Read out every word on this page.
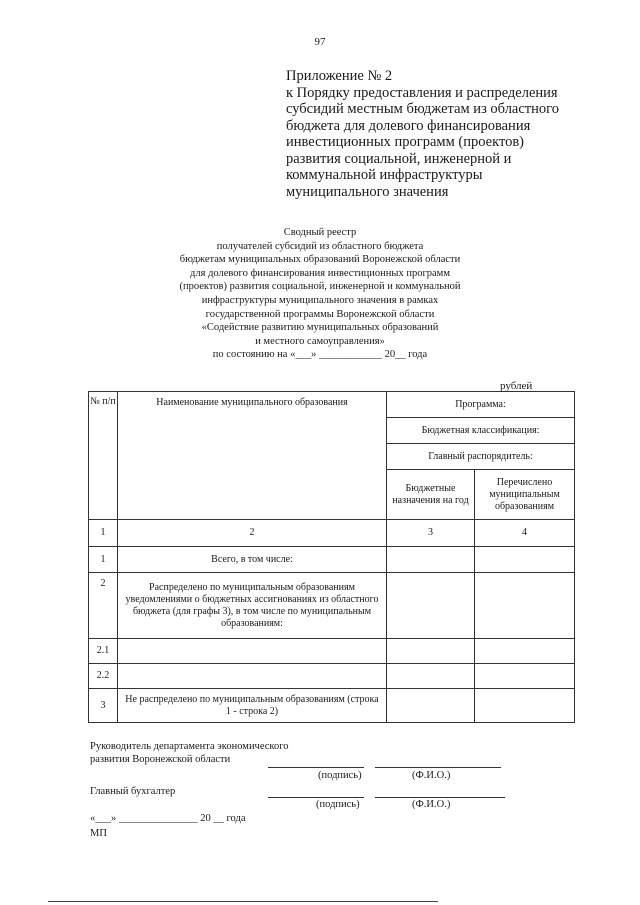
97
Приложение № 2
к Порядку предоставления и распределения
субсидий местным бюджетам из областного
бюджета для долевого финансирования
инвестиционных программ (проектов)
развития социальной, инженерной и
коммунальной инфраструктуры
муниципального значения
Сводный реестр
получателей субсидий из областного бюджета
бюджетам муниципальных образований Воронежской области
для долевого финансирования инвестиционных программ
(проектов) развития социальной, инженерной и коммунальной
инфраструктуры муниципального значения в рамках
государственной программы Воронежской области
«Содействие развитию муниципальных образований
и местного самоуправления»
по состоянию на «___» ____________ 20__ года
рублей
№ п/п	Наименование муниципального образования	Программа:	
		Бюджетная классификация:	
		Главный распорядитель:	
		Бюджетные назначения на год	Перечислено муниципальным образованиям
1	2	3	4
1	Всего, в том числе:		
2	Распределено по муниципальным образованиям уведомлениями о бюджетных ассигнованиях из областного бюджета (для графы 3), в том числе по муниципальным образованиям:		
2.1			
2.2			
3	Не распределено по муниципальным образованиям (строка 1 - строка 2)		
Руководитель департамента экономического
развития Воронежской области
(подпись)	(Ф.И.О.)
Главный бухгалтер
(подпись)	(Ф.И.О.)
«___» _______________ 20 __ года
МП
